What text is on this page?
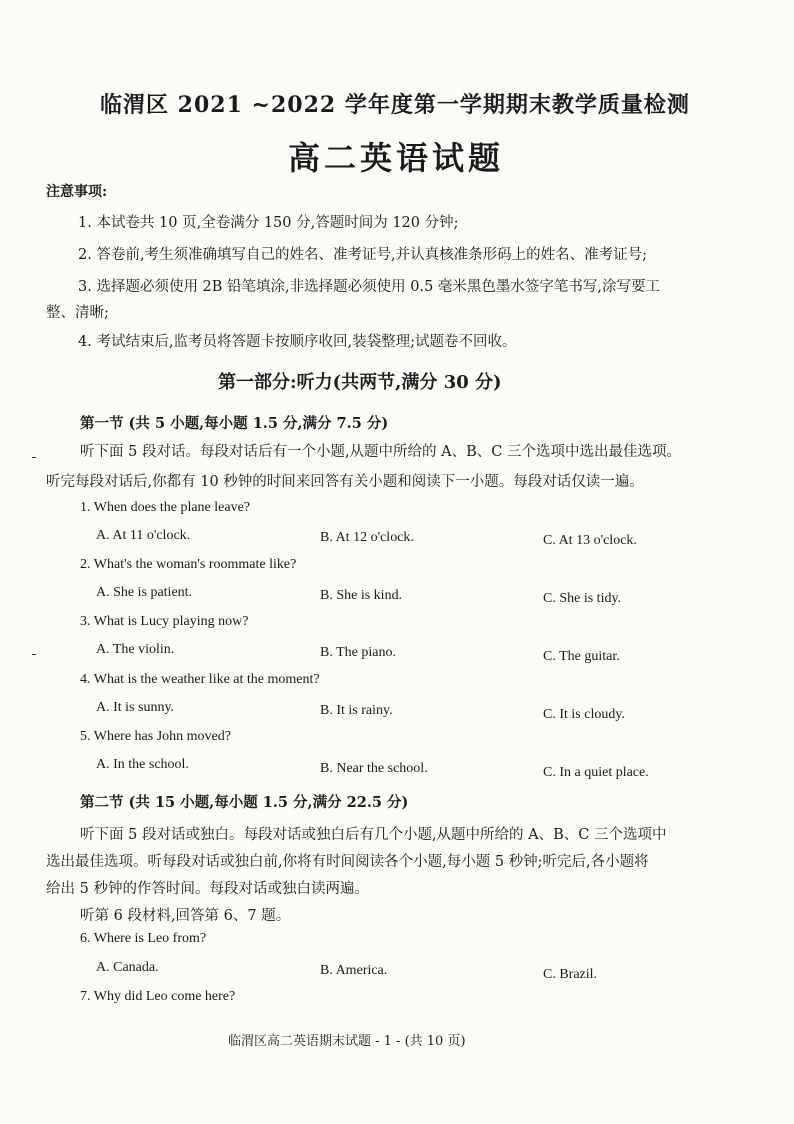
临渭区 2021 ~2022 学年度第一学期期末教学质量检测
高二英语试题
注意事项:
1. 本试卷共 10 页,全卷满分 150 分,答题时间为 120 分钟;
2. 答卷前,考生须准确填写自己的姓名、准考证号,并认真核准条形码上的姓名、准考证号;
3. 选择题必须使用 2B 铅笔填涂,非选择题必须使用 0.5 毫米黑色墨水签字笔书写,涂写要工
整、清晰;
4. 考试结束后,监考员将答题卡按顺序收回,装袋整理;试题卷不回收。
第一部分:听力(共两节,满分 30 分)
第一节 (共 5 小题,每小题 1.5 分,满分 7.5 分)
听下面 5 段对话。每段对话后有一个小题,从题中所给的 A、B、C 三个选项中选出最佳选项。
听完每段对话后,你都有 10 秒钟的时间来回答有关小题和阅读下一小题。每段对话仅读一遍。
1. When does the plane leave?
A. At 11 o'clock.	B. At 12 o'clock.	C. At 13 o'clock.
2. What's the woman's roommate like?
A. She is patient.	B. She is kind.	C. She is tidy.
3. What is Lucy playing now?
A. The violin.	B. The piano.	C. The guitar.
4. What is the weather like at the moment?
A. It is sunny.	B. It is rainy.	C. It is cloudy.
5. Where has John moved?
A. In the school.	B. Near the school.	C. In a quiet place.
第二节 (共 15 小题,每小题 1.5 分,满分 22.5 分)
听下面 5 段对话或独白。每段对话或独白后有几个小题,从题中所给的 A、B、C 三个选项中
选出最佳选项。听每段对话或独白前,你将有时间阅读各个小题,每小题 5 秒钟;听完后,各小题将
给出 5 秒钟的作答时间。每段对话或独白读两遍。
听第 6 段材料,回答第 6、7 题。
6. Where is Leo from?
A. Canada.	B. America.	C. Brazil.
7. Why did Leo come here?
临渭区高二英语期末试题 - 1 - (共 10 页)
